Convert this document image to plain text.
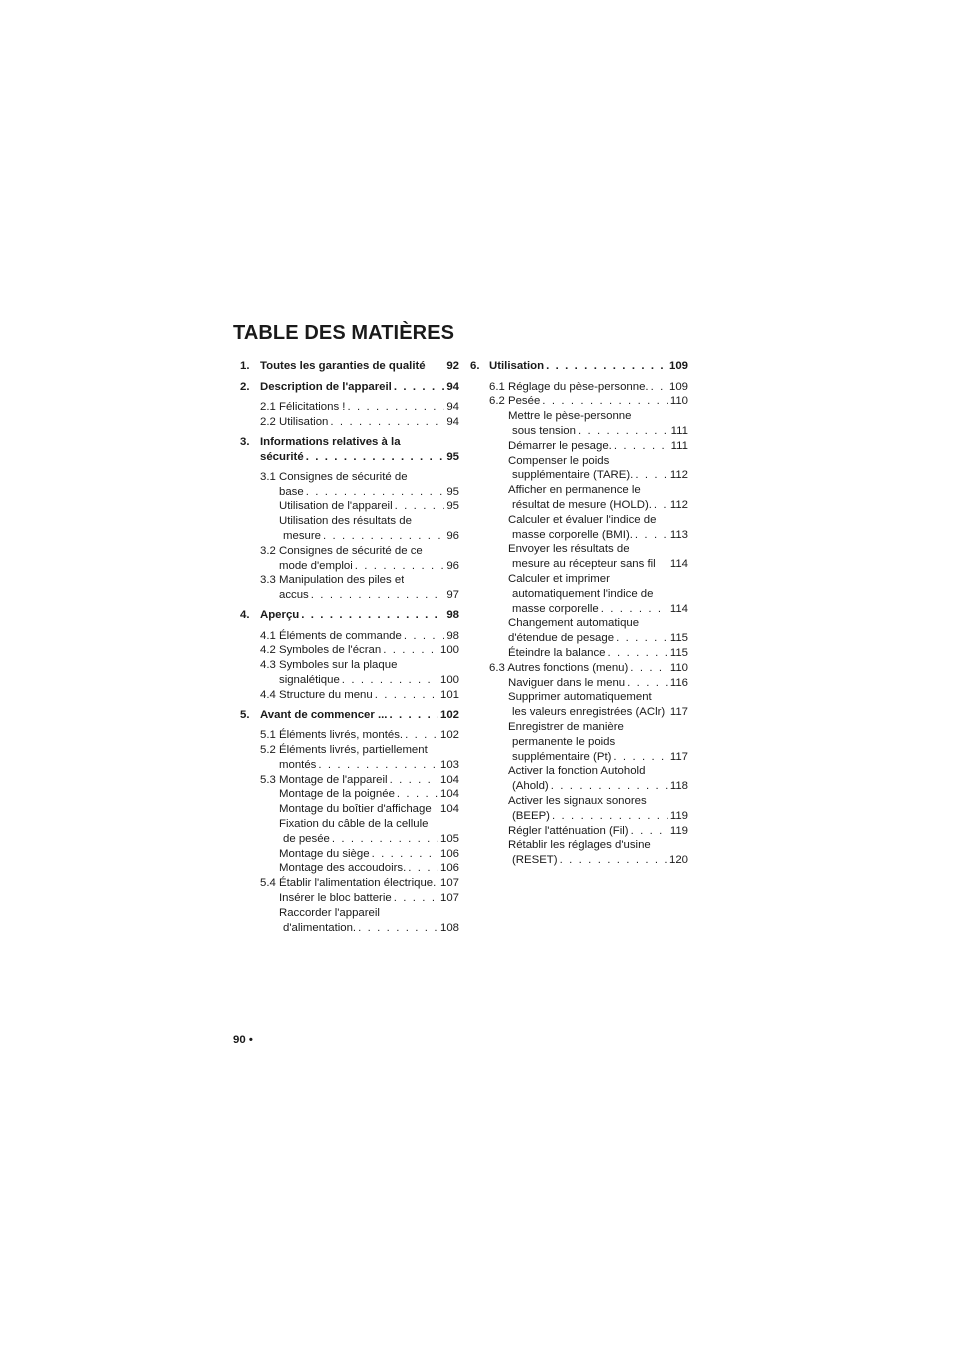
TABLE DES MATIÈRES
1. Toutes les garanties de qualité 92
2. Description de l'appareil . . .	94
2.1 Félicitations ! . . .	94
2.2 Utilisation . . .	94
3. Informations relatives à la
sécurité . . .	95
3.1 Consignes de sécurité de
base . . .	95
Utilisation de l'appareil . . .	95
Utilisation des résultats de
mesure . . .	96
3.2 Consignes de sécurité de ce
mode d'emploi . . .	96
3.3 Manipulation des piles et
accus . . .	97
4. Aperçu . . .	98
4.1 Éléments de commande . . .	98
4.2 Symboles de l'écran . . .	100
4.3 Symboles sur la plaque
signalétique . . .	100
4.4 Structure du menu . . .	101
5. Avant de commencer ... . . .	102
5.1 Éléments livrés, montés. . . .	102
5.2 Éléments livrés, partiellement
montés . . .	103
5.3 Montage de l'appareil . . .	104
Montage de la poignée . . .	104
Montage du boîtier d'affichage 104
Fixation du câble de la cellule
de pesée . . .	105
Montage du siège . . .	106
Montage des accoudoirs. . . .	106
5.4 Établir l'alimentation électrique. 107
Insérer le bloc batterie . . .	107
Raccorder l'appareil
d'alimentation. . . .	108
6. Utilisation . . .	109
6.1 Réglage du pèse-personne. . . . 109
6.2 Pesée . . .	110
Mettre le pèse-personne
sous tension . . .	111
Démarrer le pesage. . . .	111
Compenser le poids
supplémentaire (TARE). . . .	112
Afficher en permanence le
résultat de mesure (HOLD). . . . 112
Calculer et évaluer l'indice de
masse corporelle (BMI). . . .	113
Envoyer les résultats de
mesure au récepteur sans fil 114
Calculer et imprimer
automatiquement l'indice de
masse corporelle . . .	114
Changement automatique
d'étendue de pesage . . .	115
Éteindre la balance . . .	115
6.3 Autres fonctions (menu) . . .	110
Naviguer dans le menu . . .	116
Supprimer automatiquement
les valeurs enregistrées (AClr) 117
Enregistrer de manière
permanente le poids
supplémentaire (Pt) . . .	117
Activer la fonction Autohold
(Ahold) . . .	118
Activer les signaux sonores
(BEEP) . . .	119
Régler l'atténuation (Fil) . . .	119
Rétablir les réglages d'usine
(RESET) . . .	120
90 •
